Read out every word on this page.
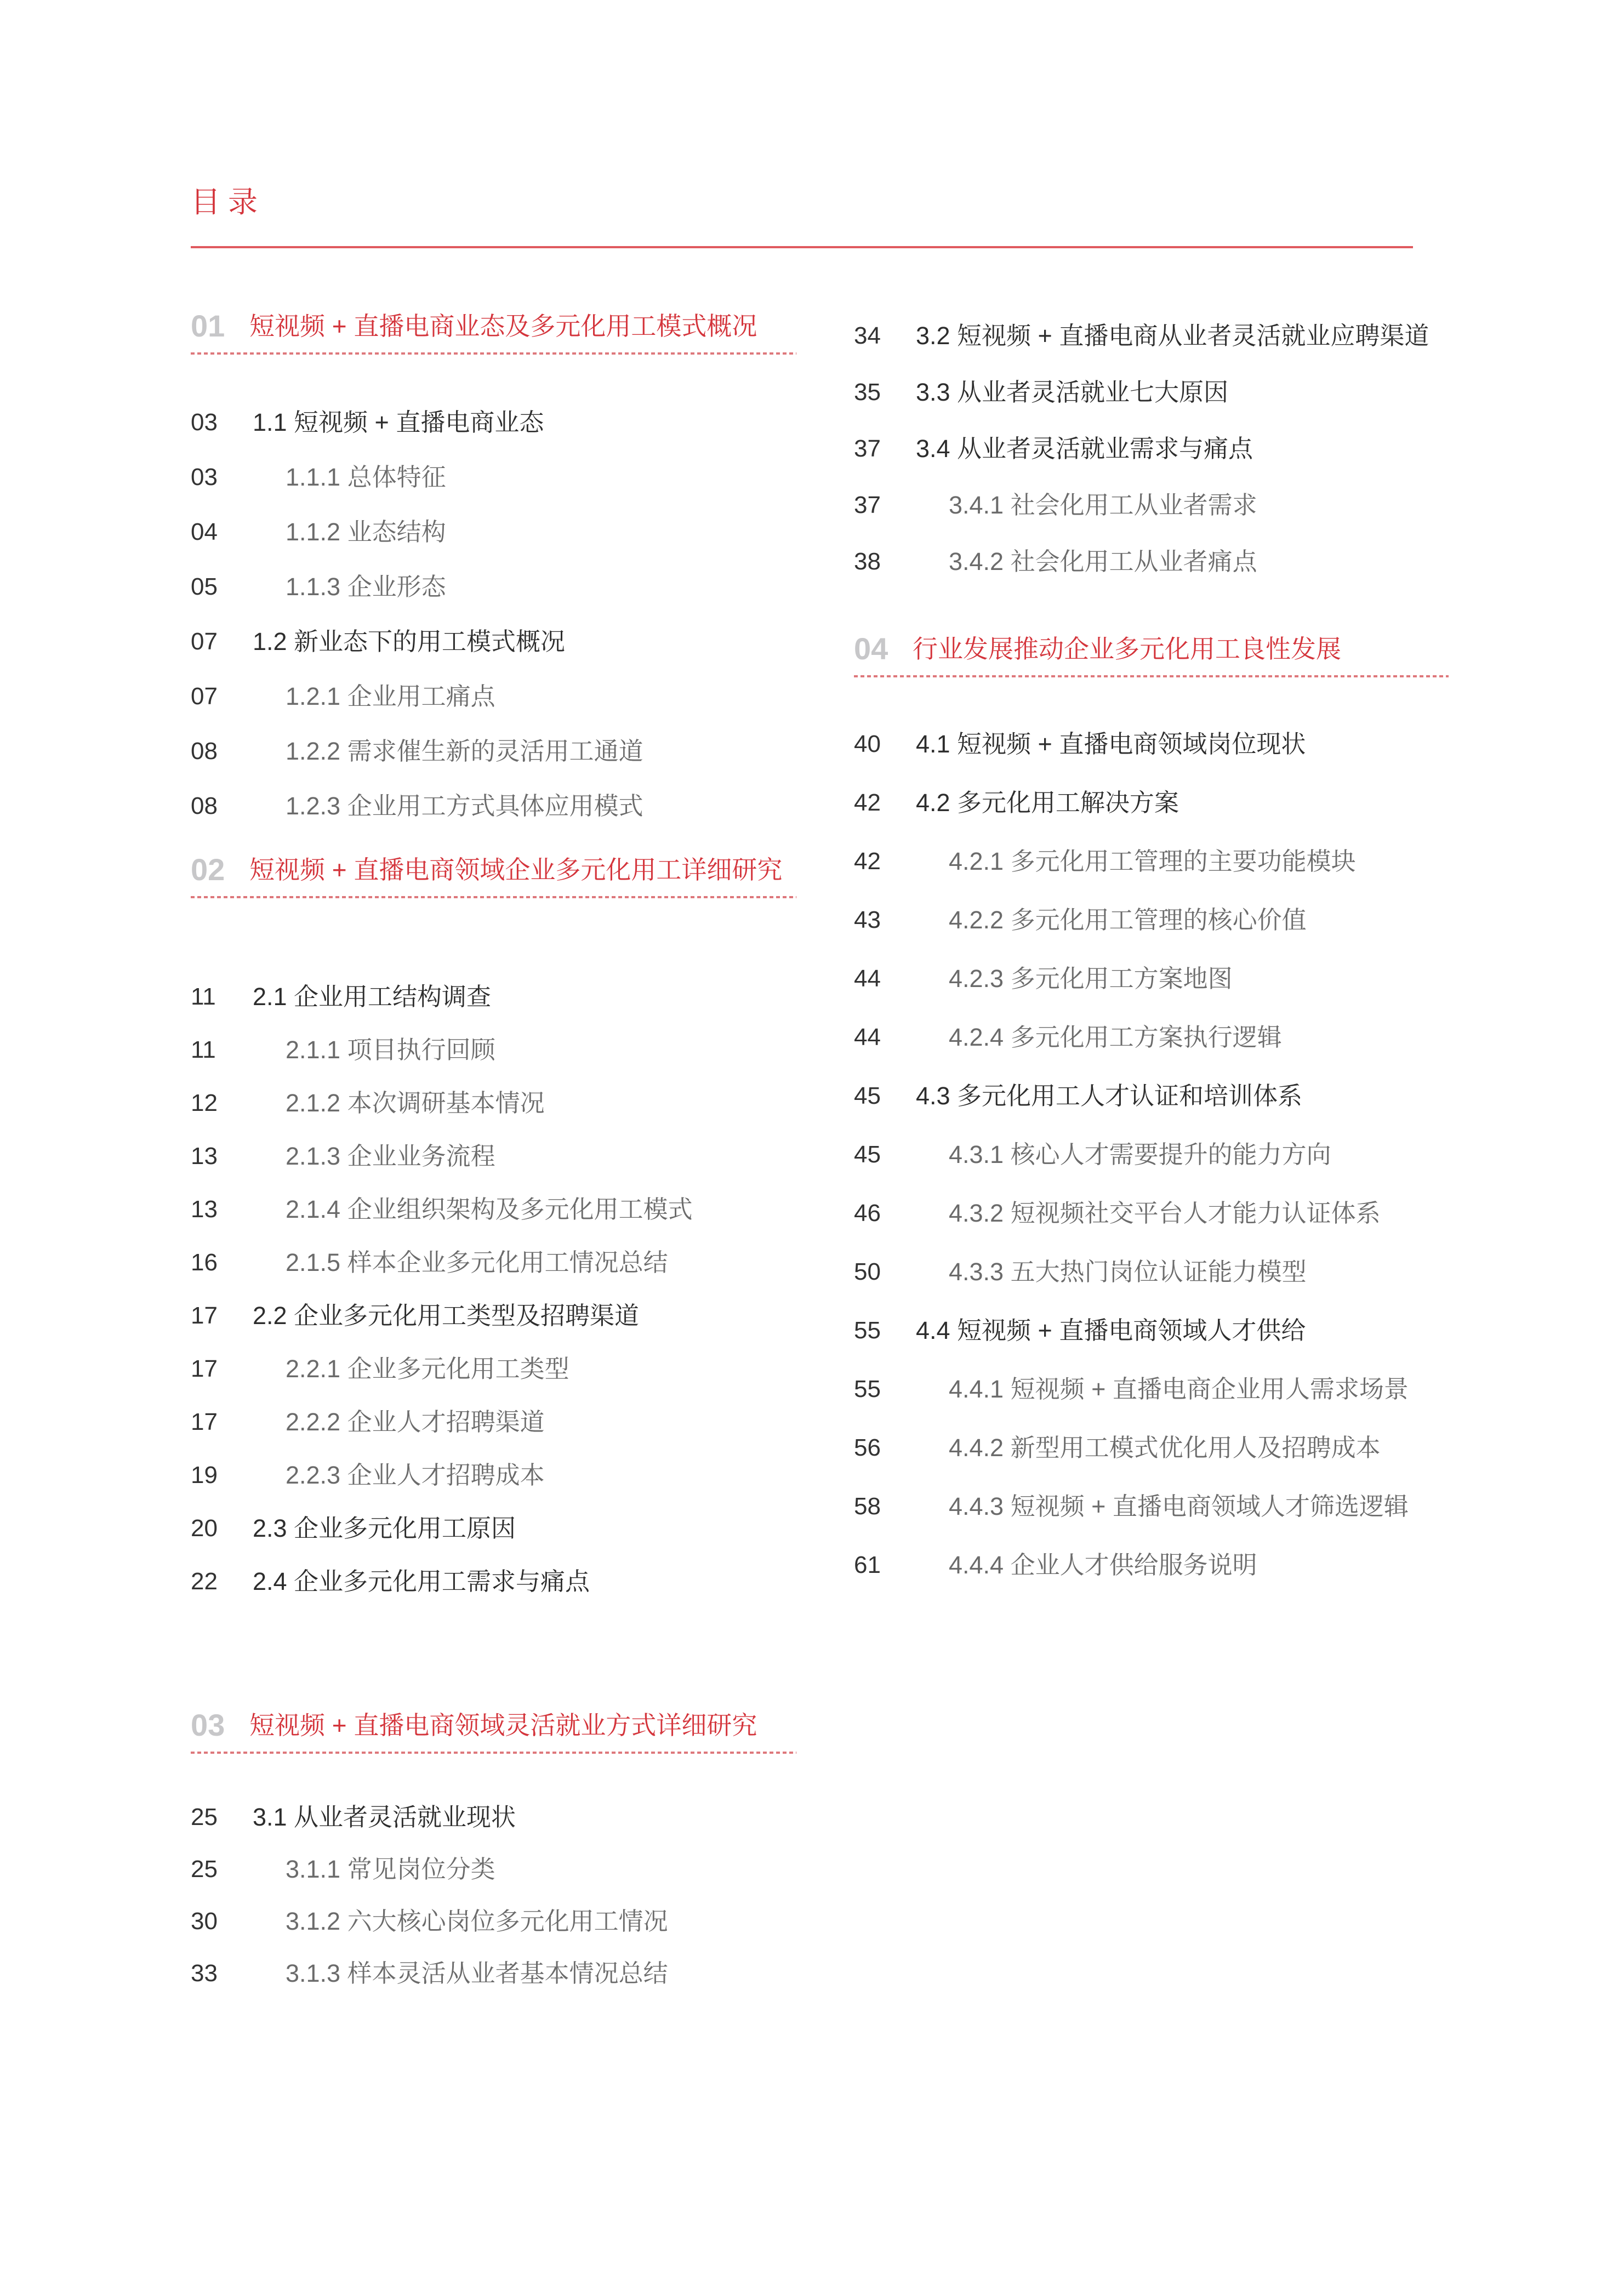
目录
01 短视频 + 直播电商业态及多元化用工模式概况
03	1.1 短视频 + 直播电商业态
03	1.1.1 总体特征
04	1.1.2 业态结构
05	1.1.3 企业形态
07	1.2 新业态下的用工模式概况
07	1.2.1 企业用工痛点
08	1.2.2 需求催生新的灵活用工通道
08	1.2.3 企业用工方式具体应用模式
02 短视频 + 直播电商领域企业多元化用工详细研究
11	2.1 企业用工结构调查
11	2.1.1 项目执行回顾
12	2.1.2 本次调研基本情况
13	2.1.3 企业业务流程
13	2.1.4 企业组织架构及多元化用工模式
16	2.1.5 样本企业多元化用工情况总结
17	2.2 企业多元化用工类型及招聘渠道
17	2.2.1 企业多元化用工类型
17	2.2.2 企业人才招聘渠道
19	2.2.3 企业人才招聘成本
20	2.3 企业多元化用工原因
22	2.4 企业多元化用工需求与痛点
03 短视频 + 直播电商领域灵活就业方式详细研究
25	3.1 从业者灵活就业现状
25	3.1.1 常见岗位分类
30	3.1.2 六大核心岗位多元化用工情况
33	3.1.3 样本灵活从业者基本情况总结
34	3.2 短视频 + 直播电商从业者灵活就业应聘渠道
35	3.3 从业者灵活就业七大原因
37	3.4 从业者灵活就业需求与痛点
37	3.4.1 社会化用工从业者需求
38	3.4.2 社会化用工从业者痛点
04 行业发展推动企业多元化用工良性发展
40	4.1 短视频 + 直播电商领域岗位现状
42	4.2 多元化用工解决方案
42	4.2.1 多元化用工管理的主要功能模块
43	4.2.2 多元化用工管理的核心价值
44	4.2.3 多元化用工方案地图
44	4.2.4 多元化用工方案执行逻辑
45	4.3 多元化用工人才认证和培训体系
45	4.3.1 核心人才需要提升的能力方向
46	4.3.2 短视频社交平台人才能力认证体系
50	4.3.3 五大热门岗位认证能力模型
55	4.4 短视频 + 直播电商领域人才供给
55	4.4.1 短视频 + 直播电商企业用人需求场景
56	4.4.2 新型用工模式优化用人及招聘成本
58	4.4.3 短视频 + 直播电商领域人才筛选逻辑
61	4.4.4 企业人才供给服务说明
